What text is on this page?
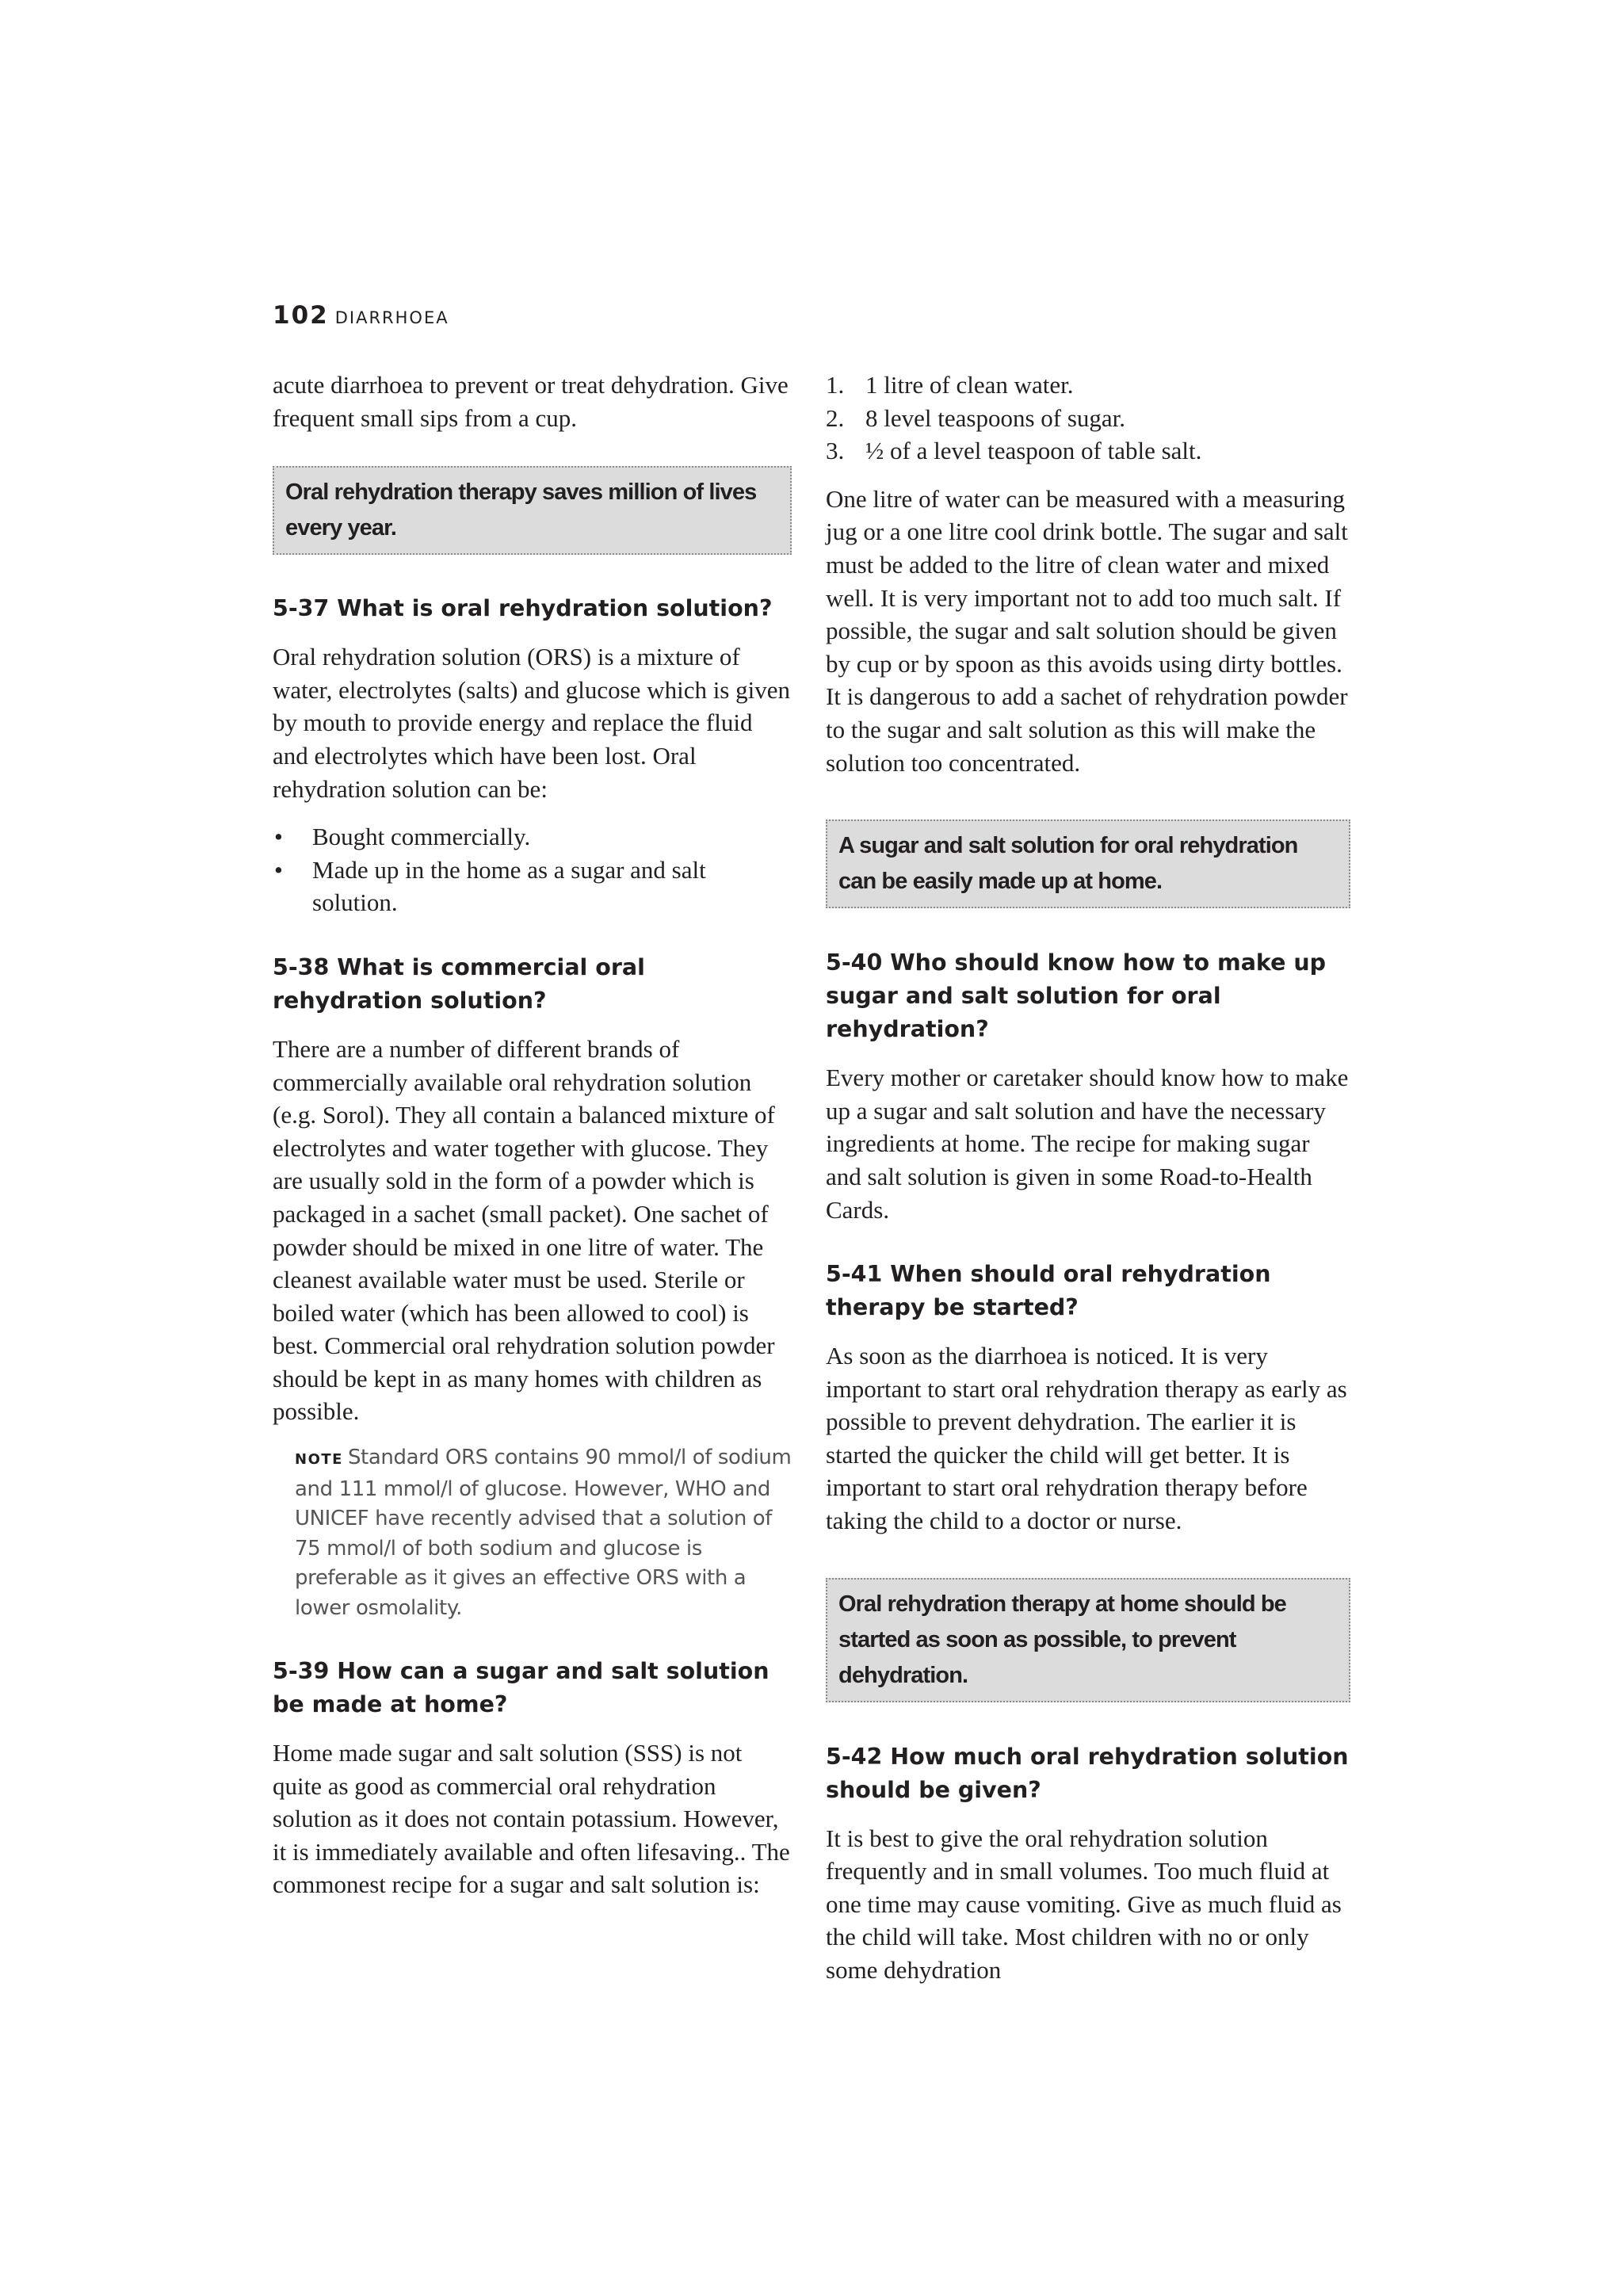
102 DIARRHOEA

acute diarrhoea to prevent or treat dehydration. Give frequent small sips from a cup.

Oral rehydration therapy saves million of lives every year.
5-37 What is oral rehydration solution?

Oral rehydration solution (ORS) is a mixture of water, electrolytes (salts) and glucose which is given by mouth to provide energy and replace the fluid and electrolytes which have been lost. Oral rehydration solution can be:

• Bought commercially.
• Made up in the home as a sugar and salt solution.
5-38 What is commercial oral rehydration solution?

There are a number of different brands of commercially available oral rehydration solution (e.g. Sorol). They all contain a balanced mixture of electrolytes and water together with glucose. They are usually sold in the form of a powder which is packaged in a sachet (small packet). One sachet of powder should be mixed in one litre of water. The cleanest available water must be used. Sterile or boiled water (which has been allowed to cool) is best. Commercial oral rehydration solution powder should be kept in as many homes with children as possible.

NOTE Standard ORS contains 90 mmol/l of sodium and 111 mmol/l of glucose. However, WHO and UNICEF have recently advised that a solution of 75 mmol/l of both sodium and glucose is preferable as it gives an effective ORS with a lower osmolality.
5-39 How can a sugar and salt solution be made at home?

Home made sugar and salt solution (SSS) is not quite as good as commercial oral rehydration solution as it does not contain potassium. However, it is immediately available and often lifesaving.. The commonest recipe for a sugar and salt solution is:

1. 1 litre of clean water.
2. 8 level teaspoons of sugar.
3. ½ of a level teaspoon of table salt.

One litre of water can be measured with a measuring jug or a one litre cool drink bottle. The sugar and salt must be added to the litre of clean water and mixed well. It is very important not to add too much salt. If possible, the sugar and salt solution should be given by cup or by spoon as this avoids using dirty bottles. It is dangerous to add a sachet of rehydration powder to the sugar and salt solution as this will make the solution too concentrated.

A sugar and salt solution for oral rehydration can be easily made up at home.
5-40 Who should know how to make up sugar and salt solution for oral rehydration?

Every mother or caretaker should know how to make up a sugar and salt solution and have the necessary ingredients at home. The recipe for making sugar and salt solution is given in some Road-to-Health Cards.

5-41 When should oral rehydration therapy be started?

As soon as the diarrhoea is noticed. It is very important to start oral rehydration therapy as early as possible to prevent dehydration. The earlier it is started the quicker the child will get better. It is important to start oral rehydration therapy before taking the child to a doctor or nurse.

Oral rehydration therapy at home should be started as soon as possible, to prevent dehydration.
5-42 How much oral rehydration solution should be given?

It is best to give the oral rehydration solution frequently and in small volumes. Too much fluid at one time may cause vomiting. Give as much fluid as the child will take. Most children with no or only some dehydration
